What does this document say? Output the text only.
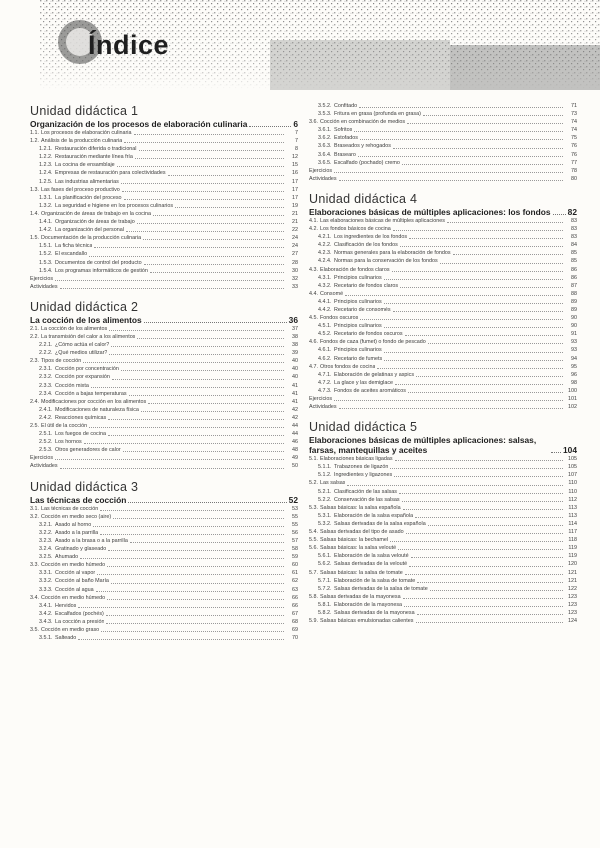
Índice
Unidad didáctica 1
Organización de los procesos de elaboración culinaria	6
1.1. Los procesos de elaboración culinaria	7
1.2. Análisis de la producción culinaria	7
1.2.1. Restauración diferida o tradicional	8
1.2.2. Restauración mediante línea fría	12
1.2.3. La cocina de ensamblaje	15
1.2.4. Empresas de restauración para colectividades	16
1.2.5. Las industrias alimentarias	17
1.3. Las fases del proceso productivo	17
1.3.1. La planificación del proceso	17
1.3.2. La seguridad e higiene en los procesos culinarios	19
1.4. Organización de áreas de trabajo en la cocina	21
1.4.1. Organización de áreas de trabajo	21
1.4.2. La organización del personal	22
1.5. Documentación de la producción culinaria	24
1.5.1. La ficha técnica	24
1.5.2. El escandallo	27
1.5.3. Documentos de control del producto	28
1.5.4. Los programas informáticos de gestión	30
Ejercicios	32
Actividades	33
Unidad didáctica 2
La cocción de los alimentos	36
2.1. La cocción de los alimentos	37
2.2. La transmisión del calor a los alimentos	38
2.2.1. ¿Cómo actúa el calor?	38
2.2.2. ¿Qué medios utilizar?	39
2.3. Tipos de cocción	40
2.3.1. Cocción por concentración	40
2.3.2. Cocción por expansión	40
2.3.3. Cocción mixta	41
2.3.4. Cocción a bajas temperaturas	41
2.4. Modificaciones por cocción en los alimentos	41
2.4.1. Modificaciones de naturaleza física	42
2.4.2. Reacciones químicas	42
2.5. El útil de la cocción	44
2.5.1. Los fuegos de cocina	44
2.5.2. Los hornos	46
2.5.3. Otros generadores de calor	48
Ejercicios	49
Actividades	50
Unidad didáctica 3
Las técnicas de cocción	52
3.1. Las técnicas de cocción	53
3.2. Cocción en medio seco (aire)	55
3.2.1. Asado al horno	55
3.2.2. Asado a la parrilla	56
3.2.3. Asado a la brasa o a la parrilla	57
3.2.4. Gratinado y glaseado	58
3.2.5. Ahumado	59
3.3. Cocción en medio húmedo	60
3.3.1. Cocción al vapor	61
3.3.2. Cocción al baño María	62
3.3.3. Cocción al agua	63
3.4. Cocción en medio húmedo	66
3.4.1. Hervidos	66
3.4.2. Escalfados (pochés)	67
3.4.3. La cocción a presión	68
3.5. Cocción en medio graso	69
3.5.1. Salteado	70
3.5.2. Confitado	71
3.5.3. Fritura en grasa (profunda en grasa)	73
3.6. Cocción en combinación de medios	74
3.6.1. Sofritos	74
3.6.2. Estofados	75
3.6.3. Braseados y rehogados	76
3.6.4. Brasearo	76
3.6.5. Escalfado (pochado) cremo	77
Ejercicios	78
Actividades	80
Unidad didáctica 4
Elaboraciones básicas de múltiples aplicaciones: los fondos 82
4.1. Las elaboraciones básicas de múltiples aplicaciones	83
4.2. Los fondos básicos de cocina	83
4.2.1. Los ingredientes de los fondos	83
4.2.2. Clasificación de los fondos	84
4.2.3. Normas generales para la elaboración de fondos	85
4.2.4. Normas para la conservación de los fondos	85
4.3. Elaboración de fondos claros	86
4.3.1. Principios culinarios	86
4.3.2. Recetario de fondos claros	87
4.4. Consomé	88
4.4.1. Principios culinarios	89
4.4.2. Recetario de consomés	89
4.5. Fondos oscuros	90
4.5.1. Principios culinarios	90
4.5.2. Recetario de fondos oscuros	91
4.6. Fondos de caza (fumet) o fondo de pescado	93
4.6.1. Principios culinarios	93
4.6.2. Recetario de fumets	94
4.7. Otros fondos de cocina	95
4.7.1. Elaboración de gelatinas y aspics	96
4.7.2. La glace y las demiglace	98
4.7.3. Fondos de aceites aromáticos	100
Ejercicios	101
Actividades	102
Unidad didáctica 5
Elaboraciones básicas de múltiples aplicaciones: salsas, farsas, mantequillas y aceites	104
5.1. Elaboraciones básicas ligadas	105
5.1.1. Trabazones de ligazón	105
5.1.2. Ingredientes y ligazones	107
5.2. Las salsas	110
5.2.1. Clasificación de las salsas	110
5.2.2. Conservación de las salsas	112
5.3. Salsas básicas: la salsa española	113
5.3.1. Elaboración de la salsa española	113
5.3.2. Salsas derivadas de la salsa española	114
5.4. Salsas derivadas del tipo de asado	117
5.5. Salsas básicas: la bechamel	118
5.6. Salsas básicas: la salsa velouté	119
5.6.1. Elaboración de la salsa velouté	119
5.6.2. Salsas derivadas de la velouté	120
5.7. Salsas básicas: la salsa de tomate	121
5.7.1. Elaboración de la salsa de tomate	121
5.7.2. Salsas derivadas de la salsa de tomate	122
5.8. Salsas derivadas de la mayonesa	123
5.8.1. Elaboración de la mayonesa	123
5.8.2. Salsas derivadas de la mayonesa	123
5.9. Salsas básicas emulsionadas calientes	124
